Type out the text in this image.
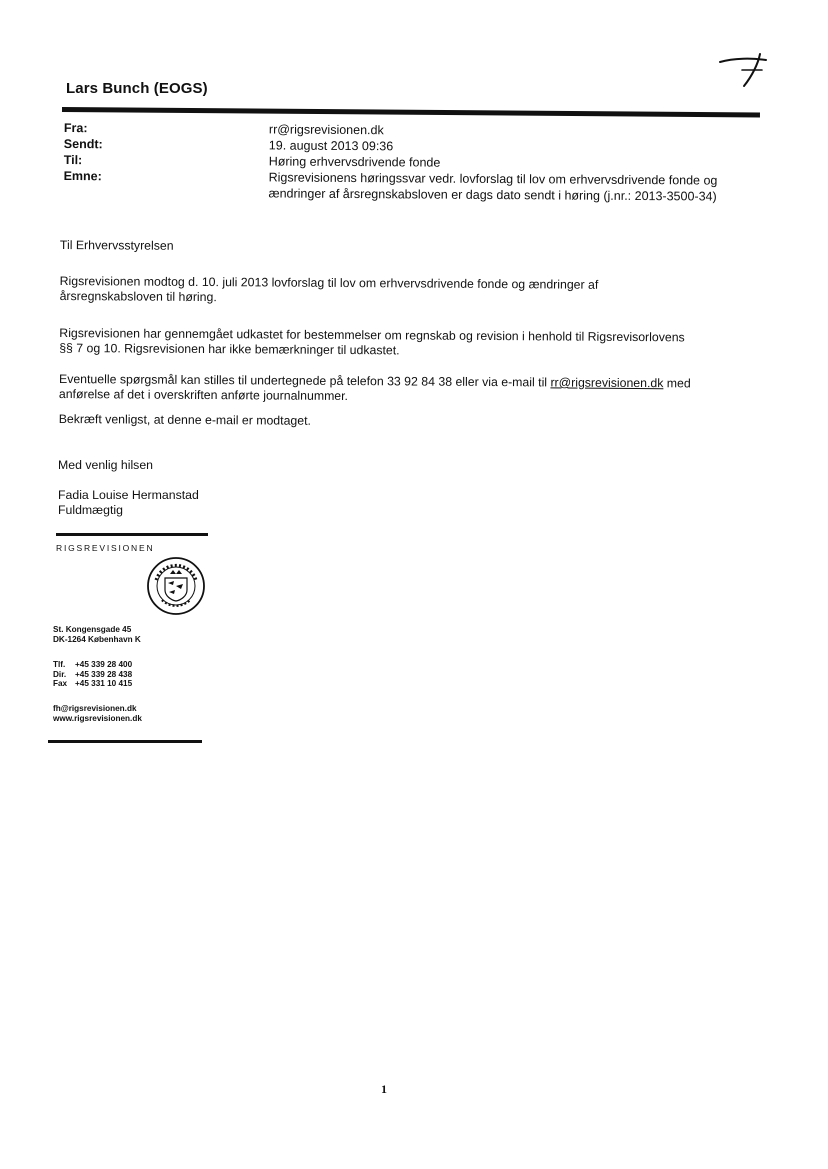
Lars Bunch (EOGS)
Fra:	rr@rigsrevisionen.dk
Sendt:	19. august 2013 09:36
Til:	Høring erhvervsdrivende fonde
Emne:	Rigsrevisionens høringssvar vedr. lovforslag til lov om erhvervsdrivende fonde og
ændringer af årsregnskabsloven er dags dato sendt i høring (j.nr.: 2013-3500-34)

Til Erhvervsstyrelsen

Rigsrevisionen modtog d. 10. juli 2013 lovforslag til lov om erhvervsdrivende fonde og ændringer af
årsregnskabsloven til høring.

Rigsrevisionen har gennemgået udkastet for bestemmelser om regnskab og revision i henhold til Rigsrevisorlovens
§§ 7 og 10. Rigsrevisionen har ikke bemærkninger til udkastet.

Eventuelle spørgsmål kan stilles til undertegnede på telefon 33 92 84 38 eller via e-mail til rr@rigsrevisionen.dk med
anførelse af det i overskriften anførte journalnummer.

Bekræft venligst, at denne e-mail er modtaget.

Med venlig hilsen
Fadia Louise Hermanstad
Fuldmægtig
RIGSREVISIONEN
St. Kongensgade 45
DK-1264 København K
Tlf. +45 339 28 400
Dir. +45 339 28 438
Fax +45 331 10 415
fh@rigsrevisionen.dk
www.rigsrevisionen.dk
1
